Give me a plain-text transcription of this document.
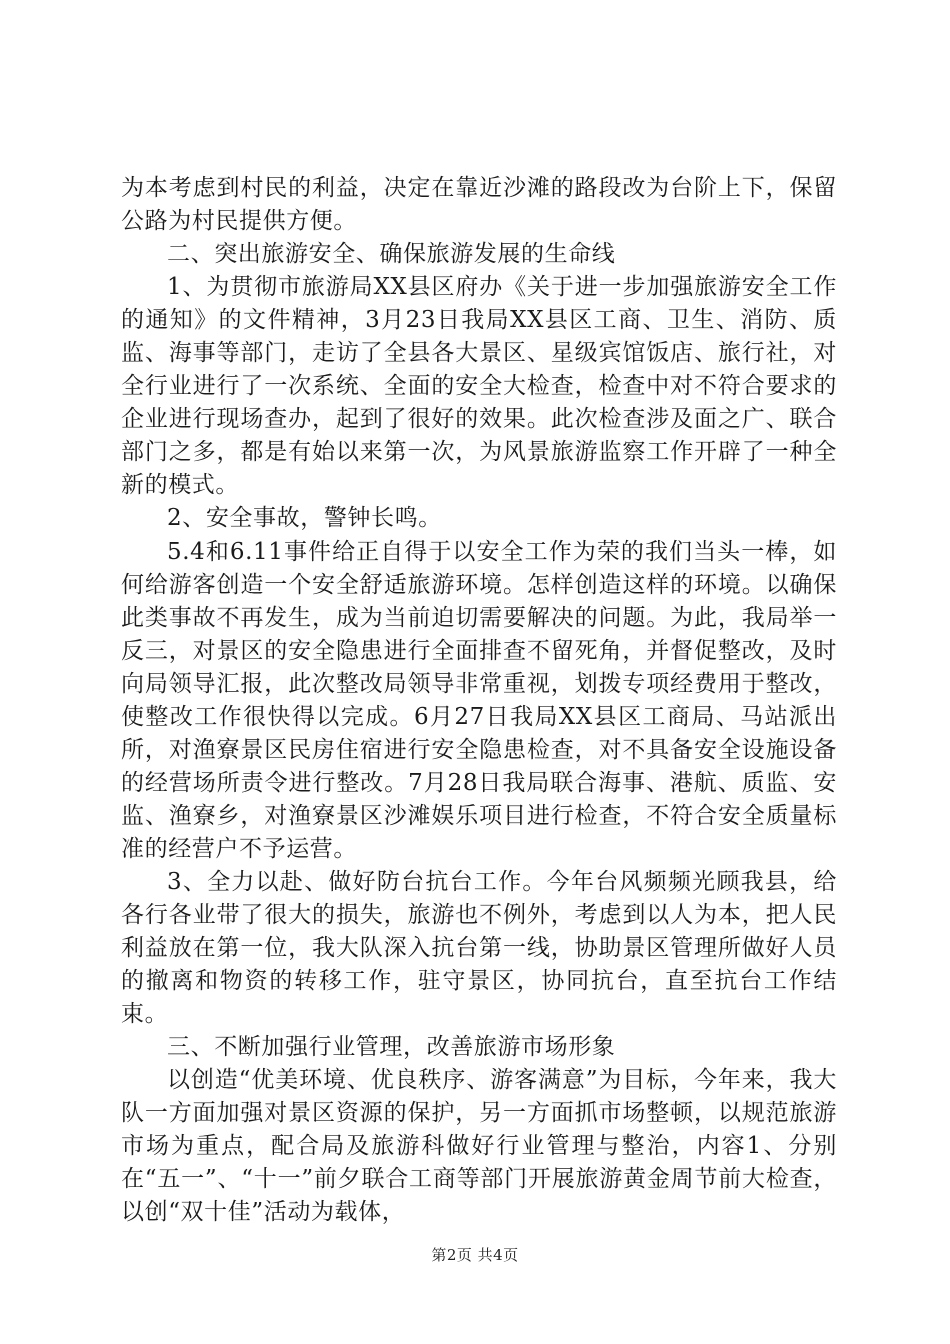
为本考虑到村民的利益，决定在靠近沙滩的路段改为台阶上下，保留公路为村民提供方便。

二、突出旅游安全、确保旅游发展的生命线

1、为贯彻市旅游局XX县区府办《关于进一步加强旅游安全工作的通知》的文件精神，3月23日我局XX县区工商、卫生、消防、质监、海事等部门，走访了全县各大景区、星级宾馆饭店、旅行社，对全行业进行了一次系统、全面的安全大检查，检查中对不符合要求的企业进行现场查办，起到了很好的效果。此次检查涉及面之广、联合部门之多，都是有始以来第一次，为风景旅游监察工作开辟了一种全新的模式。

2、安全事故，警钟长鸣。

5.4和6.11事件给正自得于以安全工作为荣的我们当头一棒，如何给游客创造一个安全舒适旅游环境。怎样创造这样的环境。以确保此类事故不再发生，成为当前迫切需要解决的问题。为此，我局举一反三，对景区的安全隐患进行全面排查不留死角，并督促整改，及时向局领导汇报，此次整改局领导非常重视，划拨专项经费用于整改，使整改工作很快得以完成。6月27日我局XX县区工商局、马站派出所，对渔寮景区民房住宿进行安全隐患检查，对不具备安全设施设备的经营场所责令进行整改。7月28日我局联合海事、港航、质监、安监、渔寮乡，对渔寮景区沙滩娱乐项目进行检查，不符合安全质量标准的经营户不予运营。

3、全力以赴、做好防台抗台工作。今年台风频频光顾我县，给各行各业带了很大的损失，旅游也不例外，考虑到以人为本，把人民利益放在第一位，我大队深入抗台第一线，协助景区管理所做好人员的撤离和物资的转移工作，驻守景区，协同抗台，直至抗台工作结束。

三、不断加强行业管理，改善旅游市场形象

以创造“优美环境、优良秩序、游客满意”为目标，今年来，我大队一方面加强对景区资源的保护，另一方面抓市场整顿，以规范旅游市场为重点，配合局及旅游科做好行业管理与整治，内容1、分别在“五一”、“十一”前夕联合工商等部门开展旅游黄金周节前大检查，以创“双十佳”活动为载体，

第2页 共4页
